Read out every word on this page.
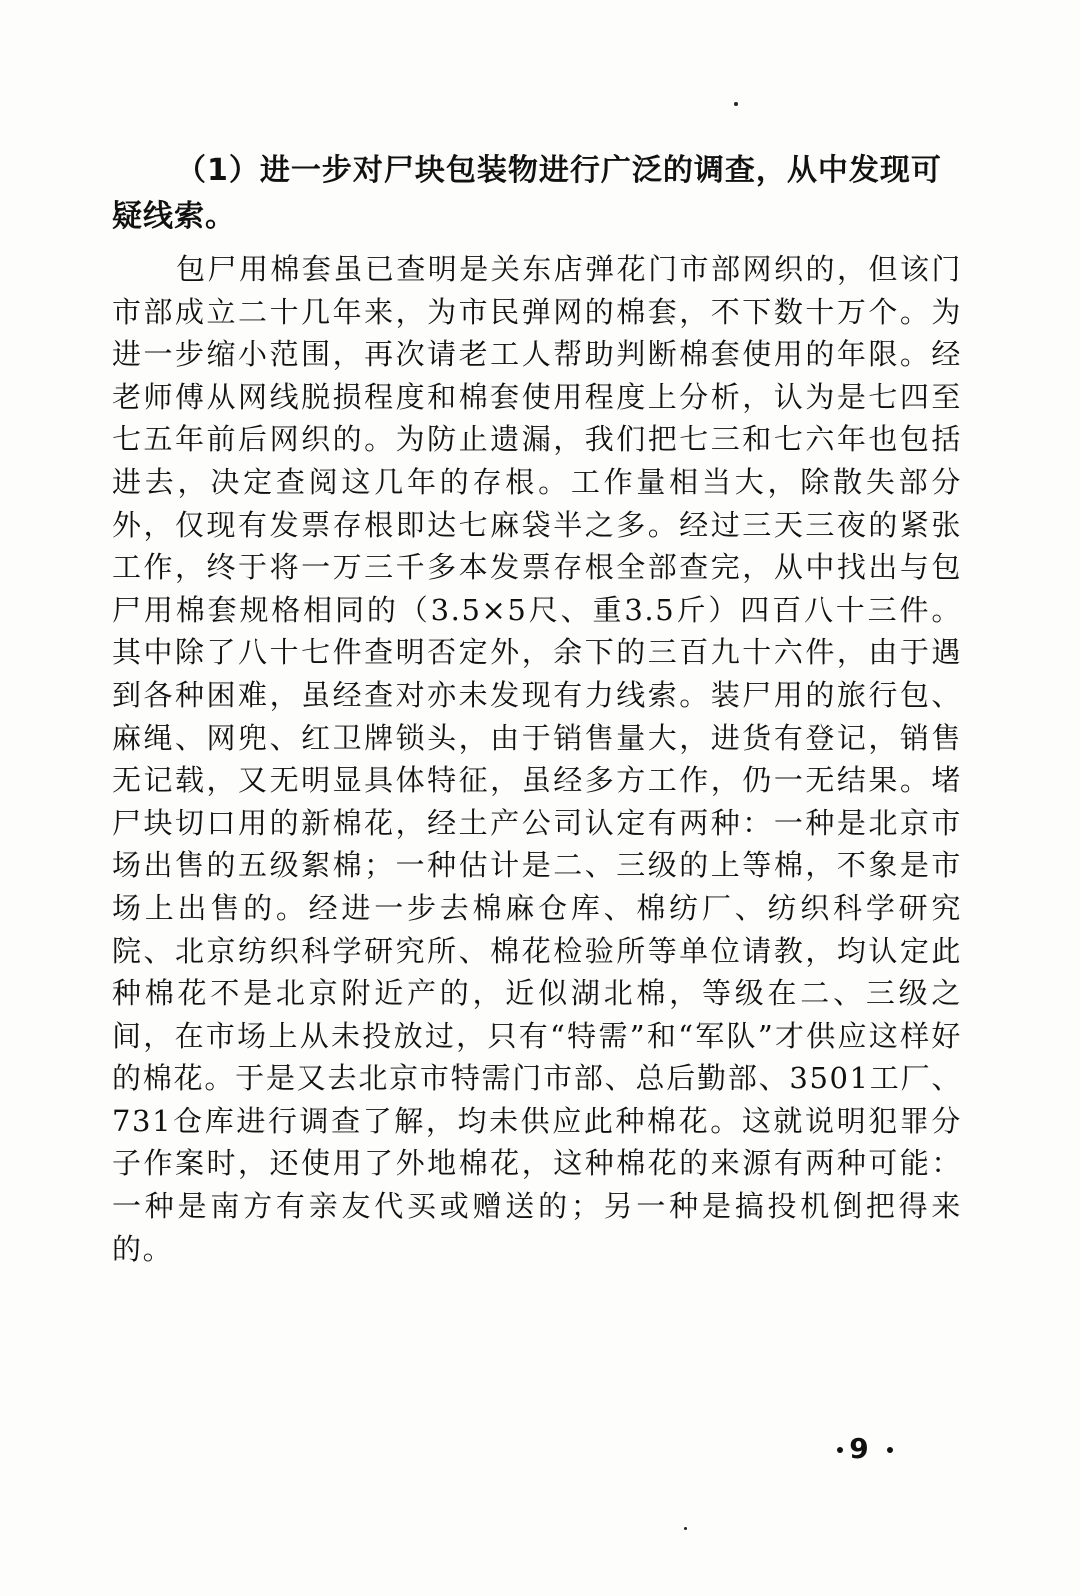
（1）进一步对尸块包装物进行广泛的调查，从中发现可疑线索。

包尸用棉套虽已查明是关东店弹花门市部网织的，但该门市部成立二十几年来，为市民弹网的棉套，不下数十万个。为进一步缩小范围，再次请老工人帮助判断棉套使用的年限。经老师傅从网线脱损程度和棉套使用程度上分析，认为是七四至七五年前后网织的。为防止遗漏，我们把七三和七六年也包括进去，决定查阅这几年的存根。工作量相当大，除散失部分外，仅现有发票存根即达七麻袋半之多。经过三天三夜的紧张工作，终于将一万三千多本发票存根全部查完，从中找出与包尸用棉套规格相同的（3.5×5尺、重3.5斤）四百八十三件。其中除了八十七件查明否定外，余下的三百九十六件，由于遇到各种困难，虽经查对亦未发现有力线索。装尸用的旅行包、麻绳、网兜、红卫牌锁头，由于销售量大，进货有登记，销售无记载，又无明显具体特征，虽经多方工作，仍一无结果。堵尸块切口用的新棉花，经土产公司认定有两种：一种是北京市场出售的五级絮棉；一种估计是二、三级的上等棉，不象是市场上出售的。经进一步去棉麻仓库、棉纺厂、纺织科学研究院、北京纺织科学研究所、棉花检验所等单位请教，均认定此种棉花不是北京附近产的，近似湖北棉，等级在二、三级之间，在市场上从未投放过，只有“特需”和“军队”才供应这样好的棉花。于是又去北京市特需门市部、总后勤部、3501工厂、731仓库进行调查了解，均未供应此种棉花。这就说明犯罪分子作案时，还使用了外地棉花，这种棉花的来源有两种可能：一种是南方有亲友代买或赠送的；另一种是搞投机倒把得来的。

9
